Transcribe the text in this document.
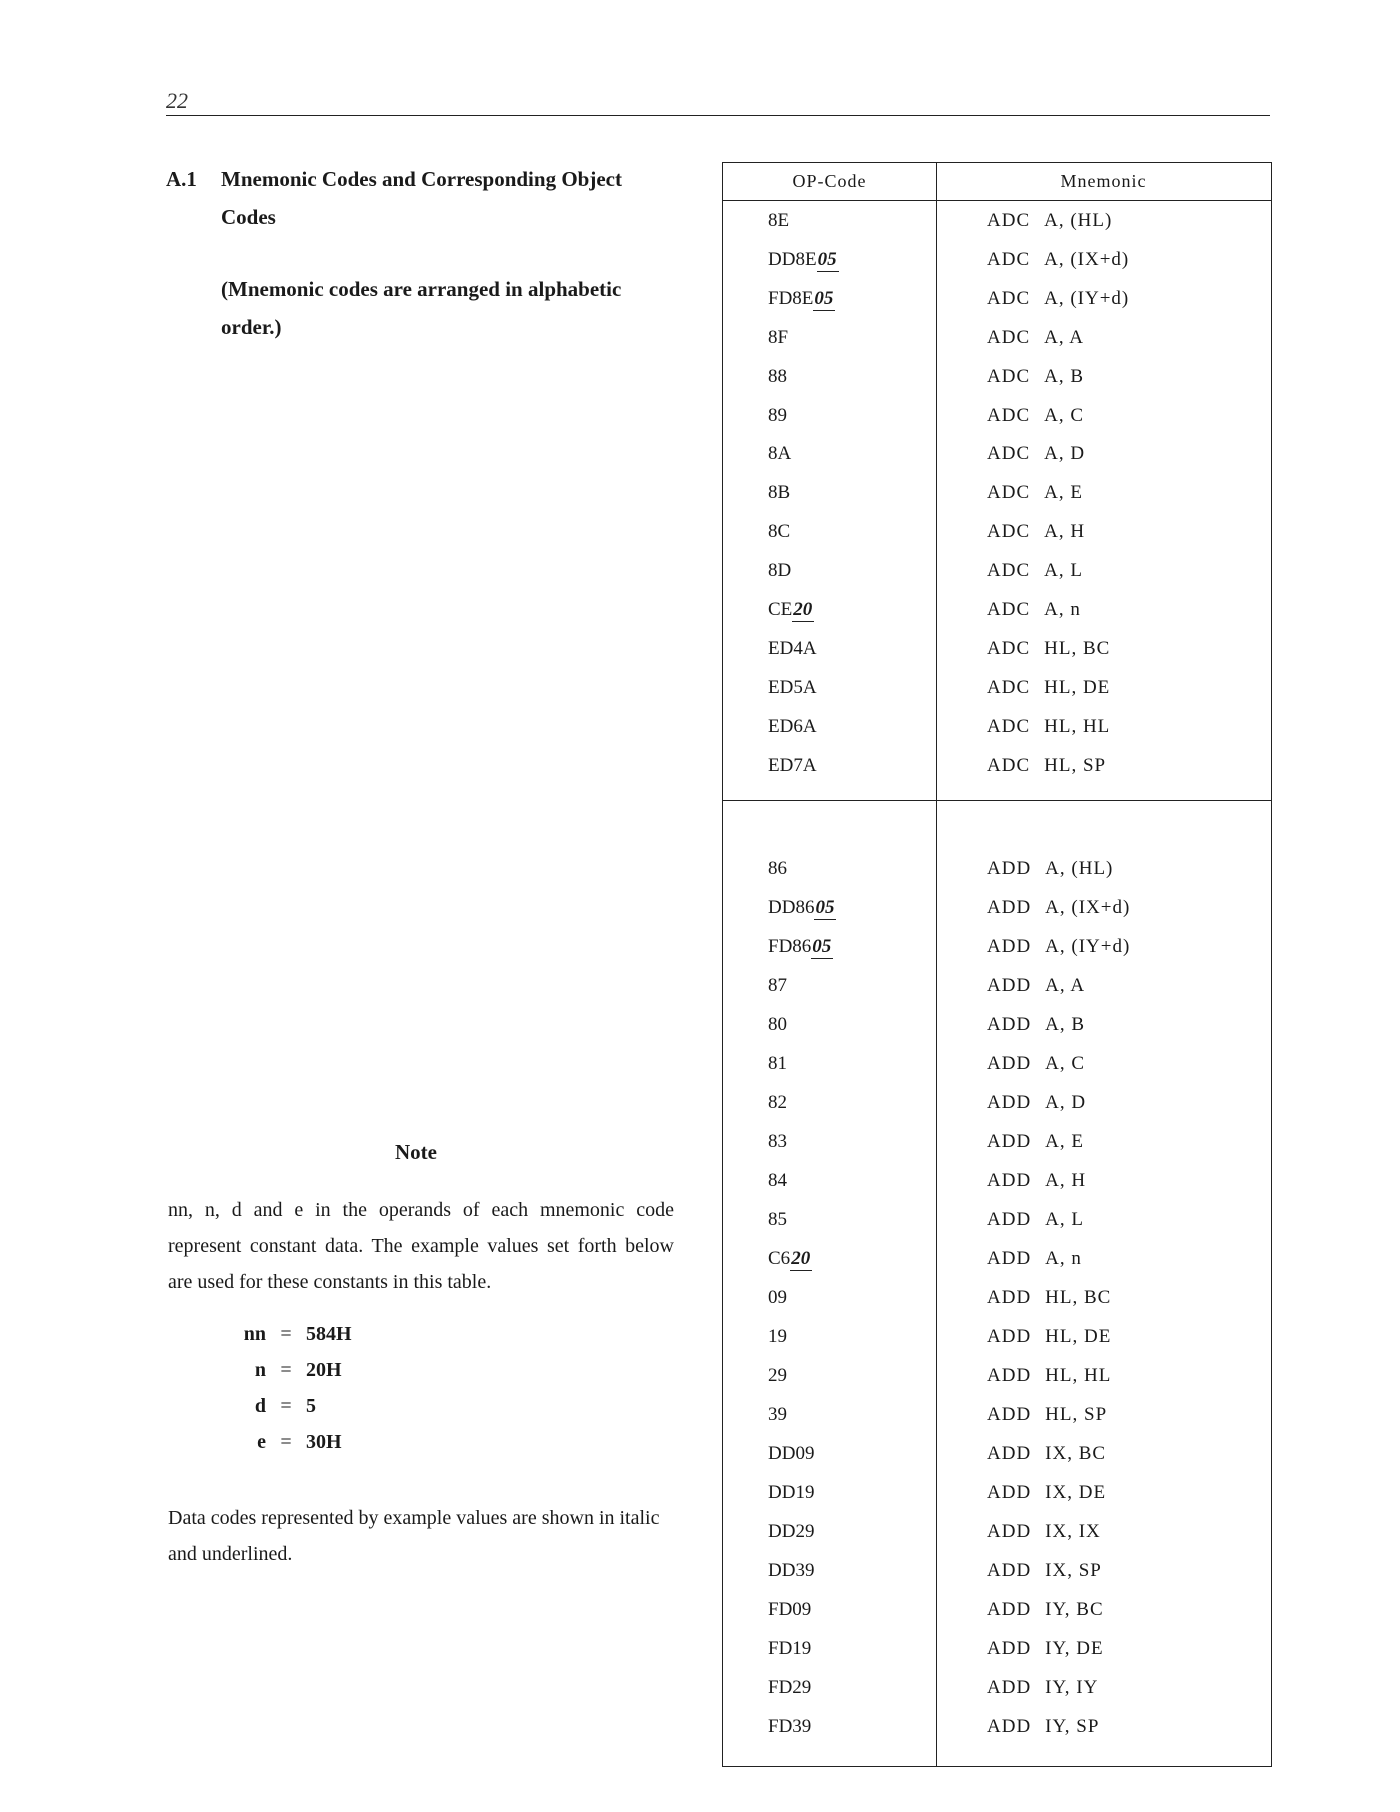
22
A.1	Mnemonic Codes and Corresponding Object Codes
(Mnemonic codes are arranged in alphabetic order.)
Note
nn, n, d and e in the operands of each mnemonic code represent constant data. The example values set forth below are used for these constants in this table.
nn = 584H
n = 20H
d = 5
e = 30H
Data codes represented by example values are shown in italic and underlined.
OP-Code	Mnemonic
8E	ADC A, (HL)
DD8E05	ADC A, (IX+d)
FD8E05	ADC A, (IY+d)
8F	ADC A, A
88	ADC A, B
89	ADC A, C
8A	ADC A, D
8B	ADC A, E
8C	ADC A, H
8D	ADC A, L
CE20	ADC A, n
ED4A	ADC HL, BC
ED5A	ADC HL, DE
ED6A	ADC HL, HL
ED7A	ADC HL, SP
86	ADD A, (HL)
DD8605	ADD A, (IX+d)
FD8605	ADD A, (IY+d)
87	ADD A, A
80	ADD A, B
81	ADD A, C
82	ADD A, D
83	ADD A, E
84	ADD A, H
85	ADD A, L
C620	ADD A, n
09	ADD HL, BC
19	ADD HL, DE
29	ADD HL, HL
39	ADD HL, SP
DD09	ADD IX, BC
DD19	ADD IX, DE
DD29	ADD IX, IX
DD39	ADD IX, SP
FD09	ADD IY, BC
FD19	ADD IY, DE
FD29	ADD IY, IY
FD39	ADD IY, SP
